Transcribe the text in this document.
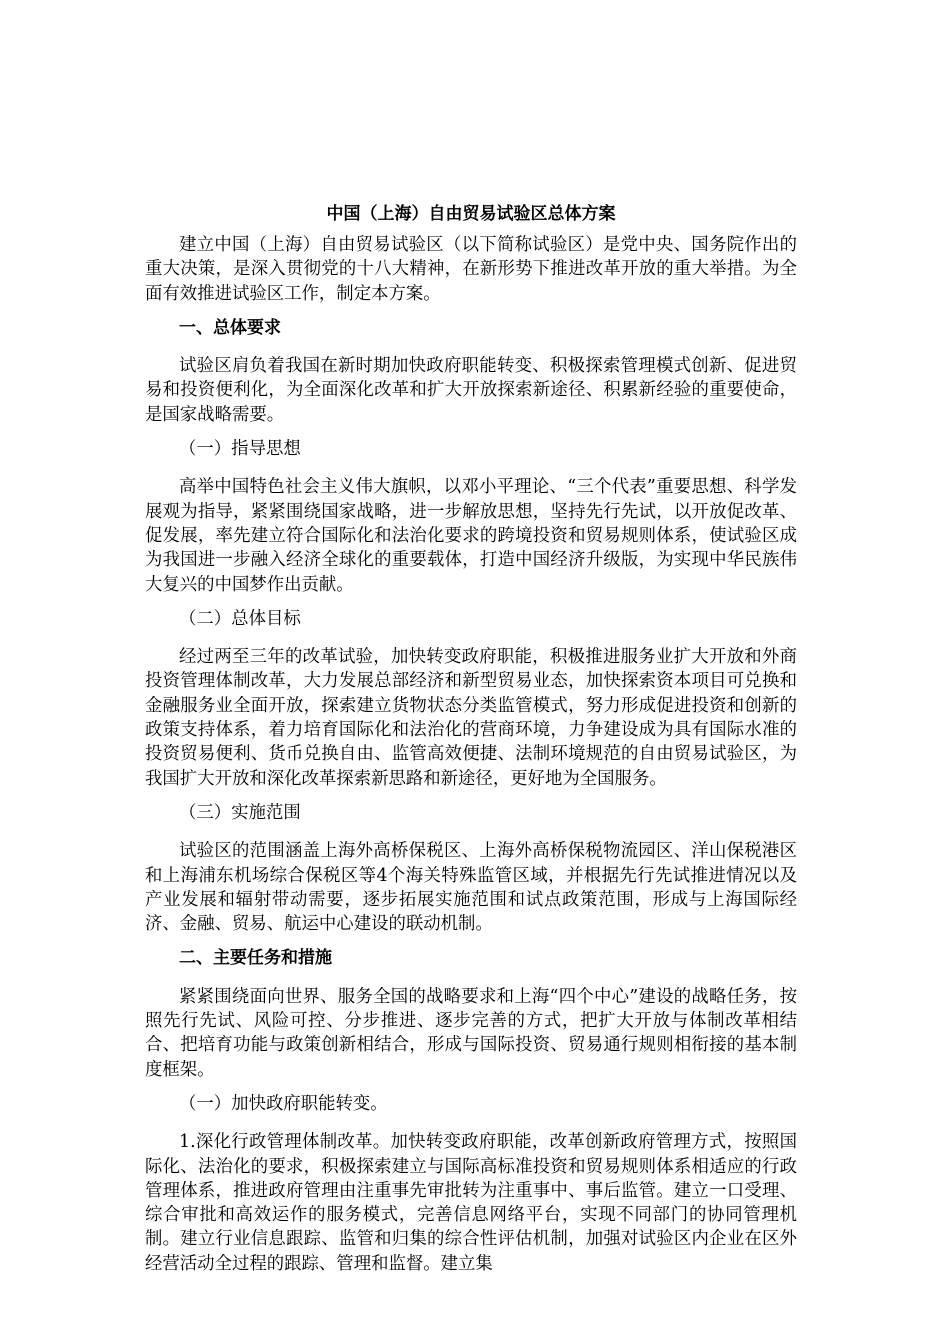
中国（上海）自由贸易试验区总体方案

建立中国（上海）自由贸易试验区（以下简称试验区）是党中央、国务院作出的重大决策，是深入贯彻党的十八大精神，在新形势下推进改革开放的重大举措。为全面有效推进试验区工作，制定本方案。

一、总体要求

试验区肩负着我国在新时期加快政府职能转变、积极探索管理模式创新、促进贸易和投资便利化，为全面深化改革和扩大开放探索新途径、积累新经验的重要使命，是国家战略需要。

（一）指导思想

高举中国特色社会主义伟大旗帜，以邓小平理论、“三个代表”重要思想、科学发展观为指导，紧紧围绕国家战略，进一步解放思想，坚持先行先试，以开放促改革、促发展，率先建立符合国际化和法治化要求的跨境投资和贸易规则体系，使试验区成为我国进一步融入经济全球化的重要载体，打造中国经济升级版，为实现中华民族伟大复兴的中国梦作出贡献。

（二）总体目标

经过两至三年的改革试验，加快转变政府职能，积极推进服务业扩大开放和外商投资管理体制改革，大力发展总部经济和新型贸易业态，加快探索资本项目可兑换和金融服务业全面开放，探索建立货物状态分类监管模式，努力形成促进投资和创新的政策支持体系，着力培育国际化和法治化的营商环境，力争建设成为具有国际水准的投资贸易便利、货币兑换自由、监管高效便捷、法制环境规范的自由贸易试验区，为我国扩大开放和深化改革探索新思路和新途径，更好地为全国服务。

（三）实施范围

试验区的范围涵盖上海外高桥保税区、上海外高桥保税物流园区、洋山保税港区和上海浦东机场综合保税区等4个海关特殊监管区域，并根据先行先试推进情况以及产业发展和辐射带动需要，逐步拓展实施范围和试点政策范围，形成与上海国际经济、金融、贸易、航运中心建设的联动机制。

二、主要任务和措施

紧紧围绕面向世界、服务全国的战略要求和上海“四个中心”建设的战略任务，按照先行先试、风险可控、分步推进、逐步完善的方式，把扩大开放与体制改革相结合、把培育功能与政策创新相结合，形成与国际投资、贸易通行规则相衔接的基本制度框架。

（一）加快政府职能转变。

1.深化行政管理体制改革。加快转变政府职能，改革创新政府管理方式，按照国际化、法治化的要求，积极探索建立与国际高标准投资和贸易规则体系相适应的行政管理体系，推进政府管理由注重事先审批转为注重事中、事后监管。建立一口受理、综合审批和高效运作的服务模式，完善信息网络平台，实现不同部门的协同管理机制。建立行业信息跟踪、监管和归集的综合性评估机制，加强对试验区内企业在区外经营活动全过程的跟踪、管理和监督。建立集
